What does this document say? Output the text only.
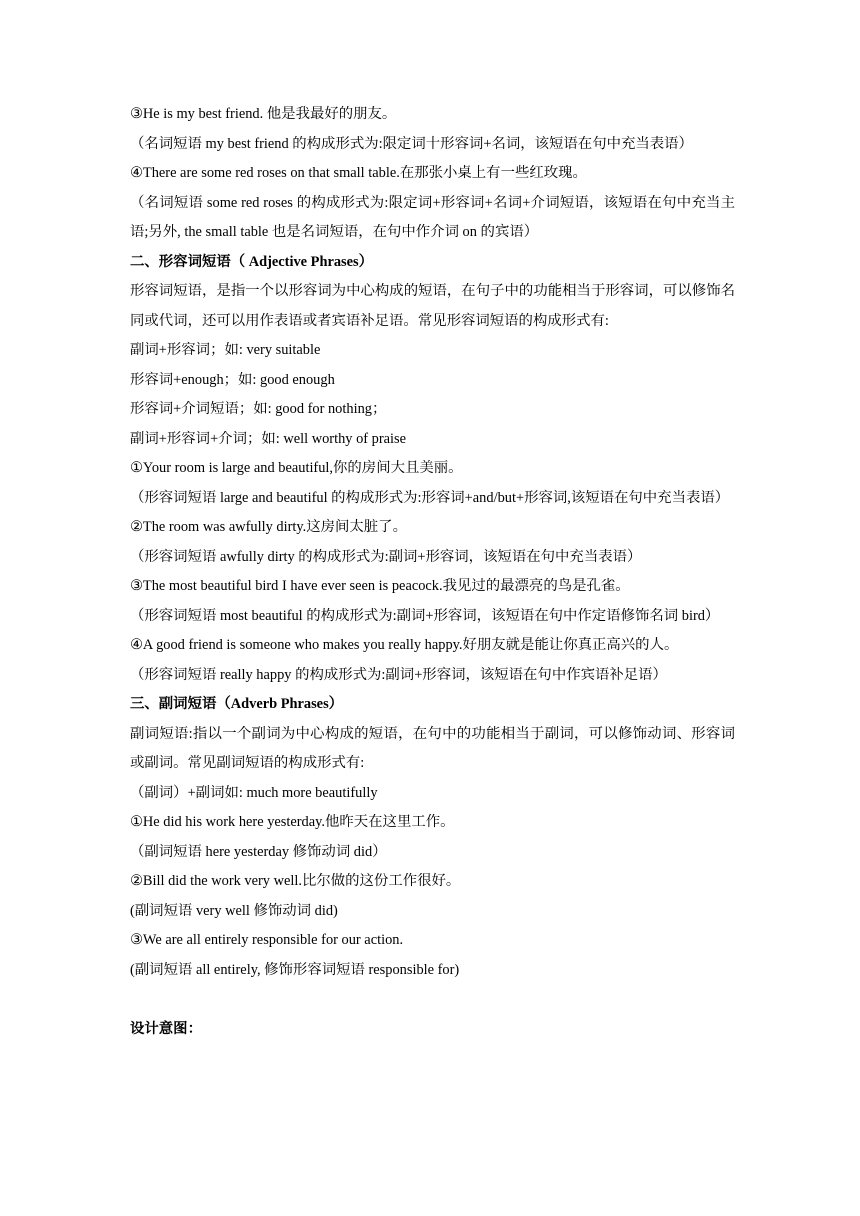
③He is my best friend. 他是我最好的朋友。

（名词短语 my best friend 的构成形式为:限定词十形容词+名词，该短语在句中充当表语）

④There are some red roses on that small table.在那张小桌上有一些红玫瑰。

（名词短语 some red roses 的构成形式为:限定词+形容词+名词+介词短语，该短语在句中充当主语;另外, the small table 也是名词短语，在句中作介词 on 的宾语）

二、形容词短语（ Adjective Phrases）

形容词短语，是指一个以形容词为中心构成的短语，在句子中的功能相当于形容词，可以修饰名同或代词，还可以用作表语或者宾语补足语。常见形容词短语的构成形式有:

副词+形容词；如: very suitable

形容词+enough；如: good enough

形容词+介词短语；如: good for nothing；

副词+形容词+介词；如: well worthy of praise

①Your room is large and beautiful,你的房间大且美丽。

（形容词短语 large and beautiful 的构成形式为:形容词+and/but+形容词,该短语在句中充当表语）

②The room was awfully dirty.这房间太脏了。

（形容词短语 awfully dirty 的构成形式为:副词+形容词，该短语在句中充当表语）

③The most beautiful bird I have ever seen is peacock.我见过的最漂亮的鸟是孔雀。

（形容词短语 most beautiful 的构成形式为:副词+形容词，该短语在句中作定语修饰名词 bird）

④A good friend is someone who makes you really happy.好朋友就是能让你真正高兴的人。

（形容词短语 really happy 的构成形式为:副词+形容词，该短语在句中作宾语补足语）

三、副词短语（Adverb Phrases）

副词短语:指以一个副词为中心构成的短语，在句中的功能相当于副词，可以修饰动词、形容词或副词。常见副词短语的构成形式有:

（副词）+副词如: much more beautifully

①He did his work here yesterday.他昨天在这里工作。

（副词短语 here yesterday 修饰动词 did）

②Bill did the work very well.比尔做的这份工作很好。

(副词短语 very well 修饰动词 did)

③We are all entirely responsible for our action.

(副词短语 all entirely, 修饰形容词短语 responsible for)

设计意图：
